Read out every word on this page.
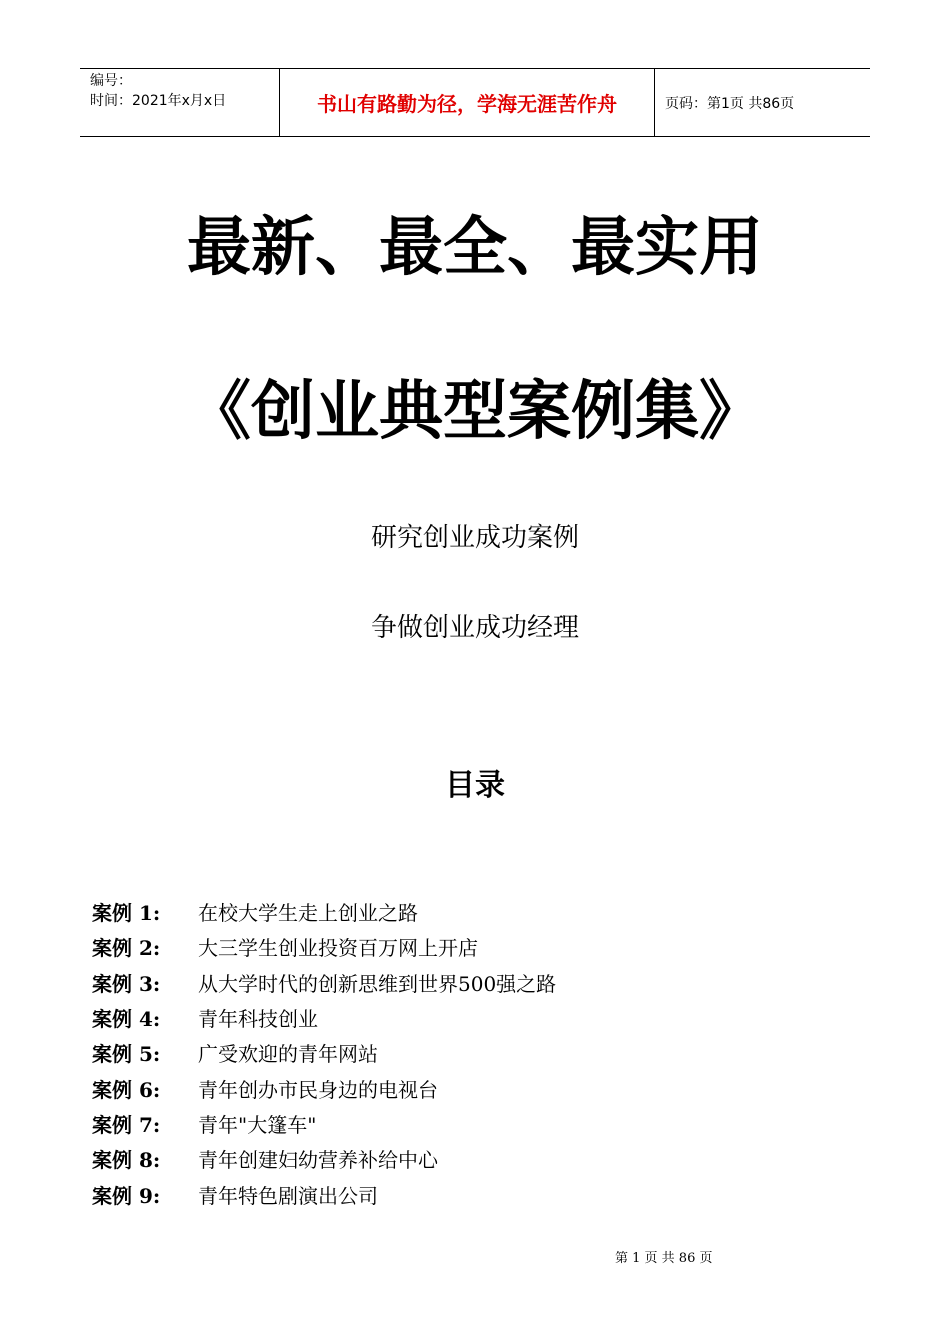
编号：
时间：2021年x月x日	书山有路勤为径，学海无涯苦作舟	页码：第1页 共86页
最新、最全、最实用
《创业典型案例集》
研究创业成功案例
争做创业成功经理
目录
案例 1:	在校大学生走上创业之路
案例 2:	大三学生创业投资百万网上开店
案例 3:	从大学时代的创新思维到世界500强之路
案例 4:	青年科技创业
案例 5:	广受欢迎的青年网站
案例 6:	青年创办市民身边的电视台
案例 7:	青年"大篷车"
案例 8:	青年创建妇幼营养补给中心
案例 9:	青年特色剧演出公司
第 1 页 共 86 页
